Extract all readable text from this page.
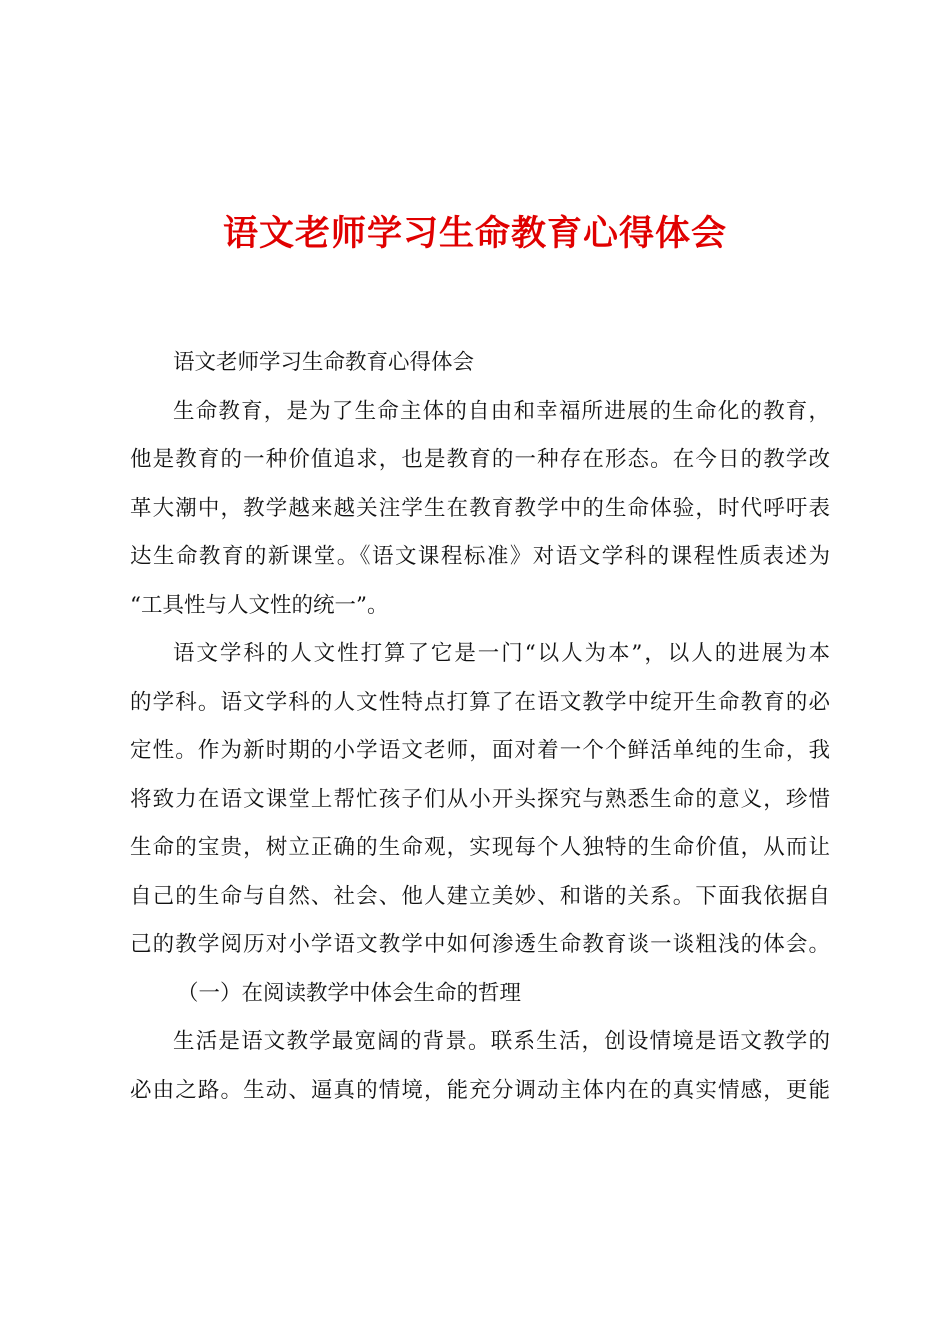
语文老师学习生命教育心得体会
语文老师学习生命教育心得体会
生命教育，是为了生命主体的自由和幸福所进展的生命化的教育，
他是教育的一种价值追求，也是教育的一种存在形态。在今日的教学改
革大潮中，教学越来越关注学生在教育教学中的生命体验，时代呼吁表
达生命教育的新课堂。《语文课程标准》对语文学科的课程性质表述为
“工具性与人文性的统一”。
语文学科的人文性打算了它是一门“以人为本”，以人的进展为本
的学科。语文学科的人文性特点打算了在语文教学中绽开生命教育的必
定性。作为新时期的小学语文老师，面对着一个个鲜活单纯的生命，我
将致力在语文课堂上帮忙孩子们从小开头探究与熟悉生命的意义，珍惜
生命的宝贵，树立正确的生命观，实现每个人独特的生命价值，从而让
自己的生命与自然、社会、他人建立美妙、和谐的关系。下面我依据自
己的教学阅历对小学语文教学中如何渗透生命教育谈一谈粗浅的体会。
（一）在阅读教学中体会生命的哲理
生活是语文教学最宽阔的背景。联系生活，创设情境是语文教学的
必由之路。生动、逼真的情境，能充分调动主体内在的真实情感，更能
